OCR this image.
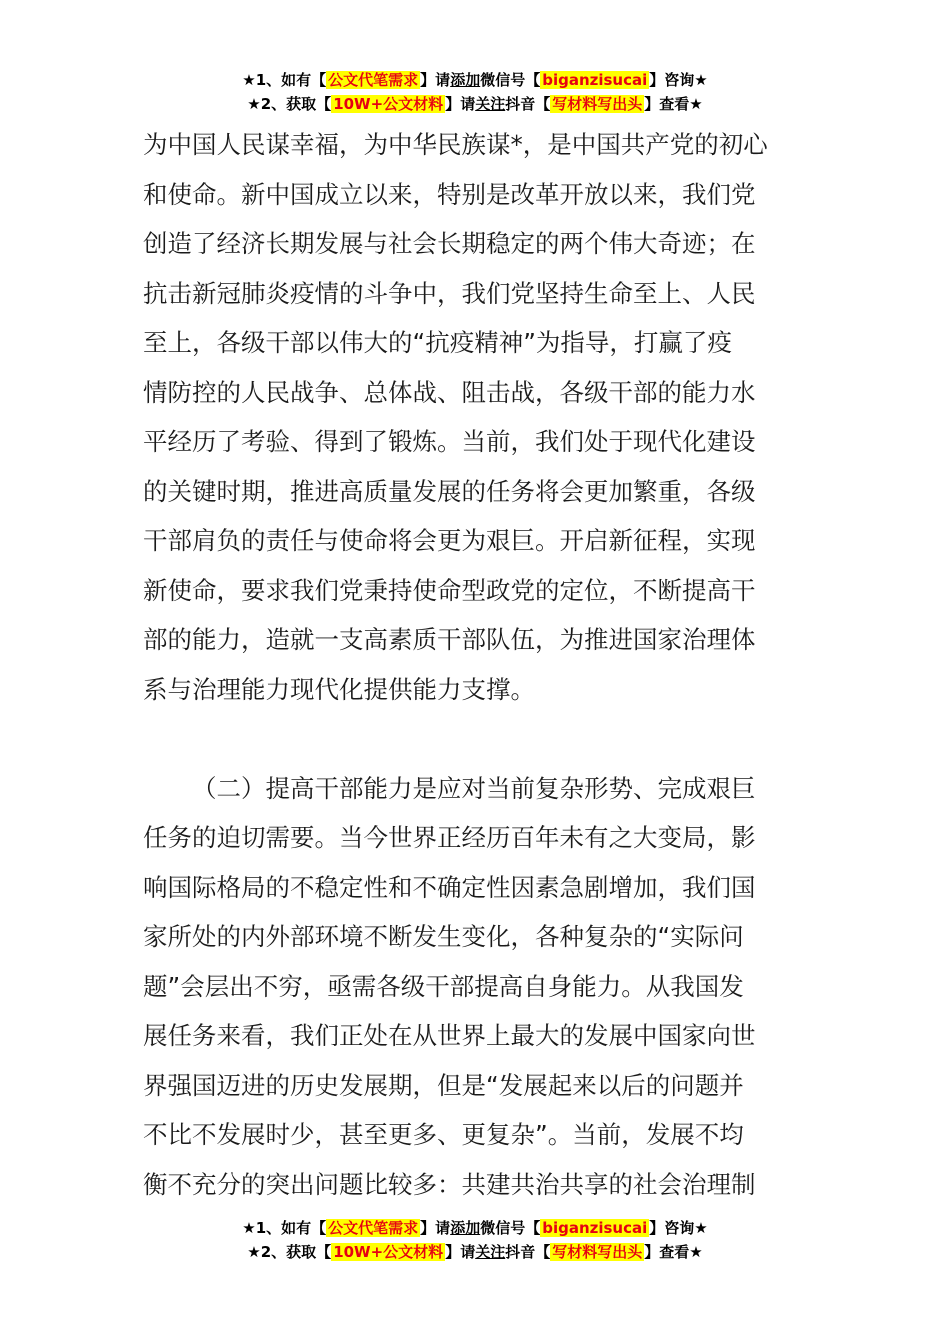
★1、如有【 公文代笔需求 】请添加微信号【 biganzisucai 】咨询★
★2、获取【 10W+公文材料 】请关注抖音【 写材料写出头 】查看★
为中国人民谋幸福，为中华民族谋*，是中国共产党的初心
和使命。新中国成立以来，特别是改革开放以来，我们党
创造了经济长期发展与社会长期稳定的两个伟大奇迹；在
抗击新冠肺炎疫情的斗争中，我们党坚持生命至上、人民
至上，各级干部以伟大的“抗疫精神”为指导，打赢了疫
情防控的人民战争、总体战、阻击战，各级干部的能力水
平经历了考验、得到了锻炼。当前，我们处于现代化建设
的关键时期，推进高质量发展的任务将会更加繁重，各级
干部肩负的责任与使命将会更为艰巨。开启新征程，实现
新使命，要求我们党秉持使命型政党的定位，不断提高干
部的能力，造就一支高素质干部队伍，为推进国家治理体
系与治理能力现代化提供能力支撑。
（二）提高干部能力是应对当前复杂形势、完成艰巨
任务的迫切需要。当今世界正经历百年未有之大变局，影
响国际格局的不稳定性和不确定性因素急剧增加，我们国
家所处的内外部环境不断发生变化，各种复杂的“实际问
题”会层出不穷，亟需各级干部提高自身能力。从我国发
展任务来看，我们正处在从世界上最大的发展中国家向世
界强国迈进的历史发展期，但是“发展起来以后的问题并
不比不发展时少，甚至更多、更复杂”。当前，发展不均
衡不充分的突出问题比较多：共建共治共享的社会治理制
★1、如有【 公文代笔需求 】请添加微信号【 biganzisucai 】咨询★
★2、获取【 10W+公文材料 】请关注抖音【 写材料写出头 】查看★
